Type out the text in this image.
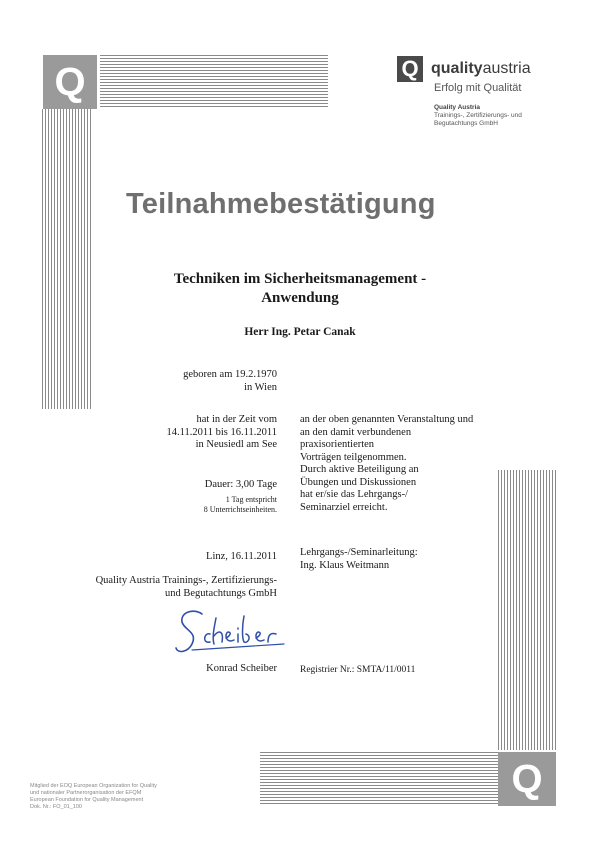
Q
Q
Q qualityaustria
Erfolg mit Qualität
Quality Austria
Trainings-, Zertifizierungs- und
Begutachtungs GmbH
Teilnahmebestätigung
Techniken im Sicherheitsmanagement -
Anwendung
Herr Ing. Petar Canak
geboren am 19.2.1970
in Wien
hat in der Zeit vom
14.11.2011 bis 16.11.2011
in Neusiedl am See
an der oben genannten Veranstaltung und
an den damit verbundenen
praxisorientierten
Vorträgen teilgenommen.
Durch aktive Beteiligung an
Übungen und Diskussionen
hat er/sie das Lehrgangs-/
Seminarziel erreicht.
Dauer: 3,00 Tage
1 Tag entspricht
8 Unterrichtseinheiten.
Linz, 16.11.2011
Quality Austria Trainings-, Zertifizierungs-
und Begutachtungs GmbH
Lehrgangs-/Seminarleitung:
Ing. Klaus Weitmann
Konrad Scheiber Registrier Nr.: SMTA/11/0011
Mitglied der EOQ European Organization for Quality
und nationaler Partnerorganisation der EFQM
European Foundation for Quality Management
Dok. Nr.: FO_01_100
